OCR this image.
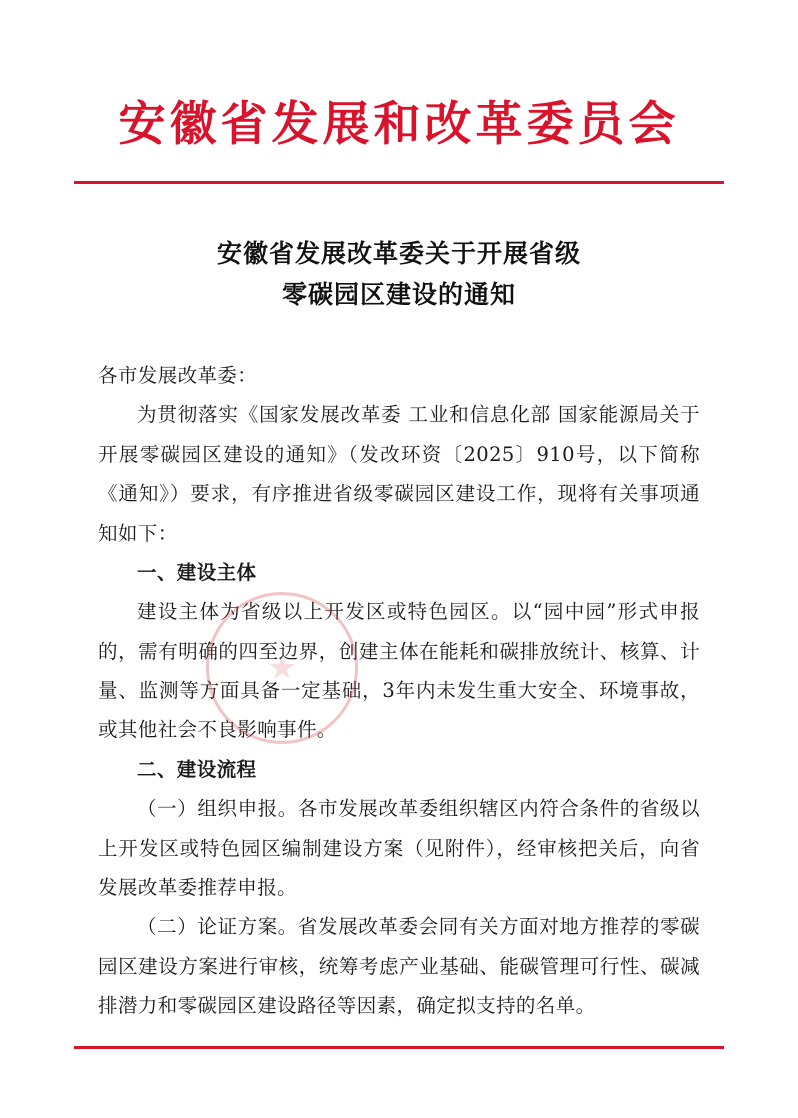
安徽省发展和改革委员会
安徽省发展改革委关于开展省级
零碳园区建设的通知

各市发展改革委：

为贯彻落实《国家发展改革委 工业和信息化部 国家能源局关于开展零碳园区建设的通知》（发改环资〔2025〕910号，以下简称《通知》）要求，有序推进省级零碳园区建设工作，现将有关事项通知如下：

一、建设主体

建设主体为省级以上开发区或特色园区。以“园中园”形式申报的，需有明确的四至边界，创建主体在能耗和碳排放统计、核算、计量、监测等方面具备一定基础，3年内未发生重大安全、环境事故，或其他社会不良影响事件。

二、建设流程

（一）组织申报。各市发展改革委组织辖区内符合条件的省级以上开发区或特色园区编制建设方案（见附件），经审核把关后，向省发展改革委推荐申报。

（二）论证方案。省发展改革委会同有关方面对地方推荐的零碳园区建设方案进行审核，统筹考虑产业基础、能碳管理可行性、碳减排潜力和零碳园区建设路径等因素，确定拟支持的名单。
